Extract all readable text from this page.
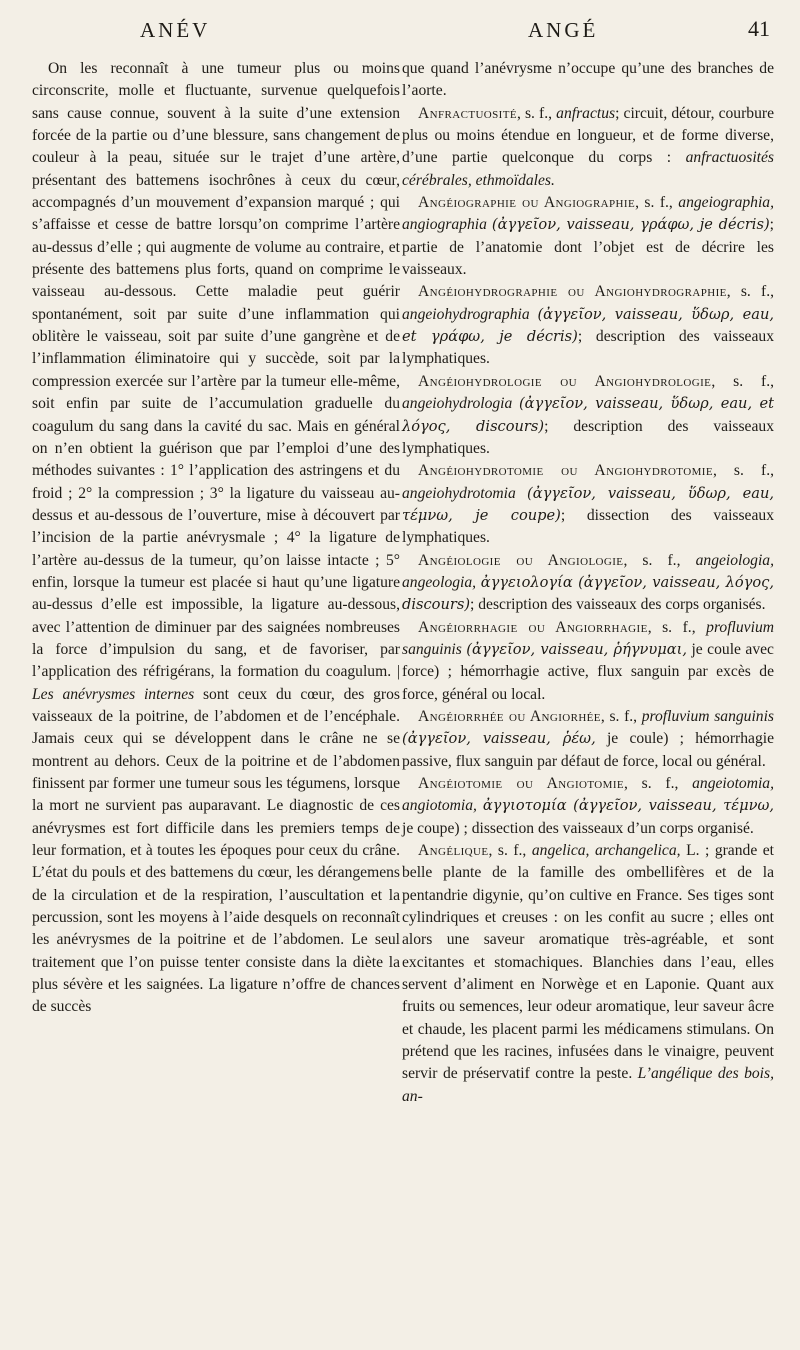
ANÉV	ANGÉ	41

On les reconnaît à une tumeur plus ou moins circonscrite, molle et fluctuante, survenue quelquefois sans cause connue, souvent à la suite d’une extension forcée de la partie ou d’une blessure, sans changement de couleur à la peau, située sur le trajet d’une artère, présentant des battemens isochrônes à ceux du cœur, accompagnés d’un mouvement d’expansion marqué ; qui s’affaisse et cesse de battre lorsqu’on comprime l’artère au-dessus d’elle ; qui augmente de volume au contraire, et présente des battemens plus forts, quand on comprime le vaisseau au-dessous. Cette maladie peut guérir spontanément, soit par suite d’une inflammation qui oblitère le vaisseau, soit par suite d’une gangrène et de l’inflammation éliminatoire qui y succède, soit par la compression exercée sur l’artère par la tumeur elle-même, soit enfin par suite de l’accumulation graduelle du coagulum du sang dans la cavité du sac. Mais en général on n’en obtient la guérison que par l’emploi d’une des méthodes suivantes : 1° l’application des astringens et du froid ; 2° la compression ; 3° la ligature du vaisseau au-dessus et au-dessous de l’ouverture, mise à découvert par l’incision de la partie anévrysmale ; 4° la ligature de l’artère au-dessus de la tumeur, qu’on laisse intacte ; 5° enfin, lorsque la tumeur est placée si haut qu’une ligature au-dessus d’elle est impossible, la ligature au-dessous, avec l’attention de diminuer par des saignées nombreuses la force d’impulsion du sang, et de favoriser, par l’application des réfrigérans, la formation du coagulum. | Les anévrysmes internes sont ceux du cœur, des gros vaisseaux de la poitrine, de l’abdomen et de l’encéphale. Jamais ceux qui se développent dans le crâne ne se montrent au dehors. Ceux de la poitrine et de l’abdomen finissent par former une tumeur sous les tégumens, lorsque la mort ne survient pas auparavant. Le diagnostic de ces anévrysmes est fort difficile dans les premiers temps de leur formation, et à toutes les époques pour ceux du crâne. L’état du pouls et des battemens du cœur, les dérangemens de la circulation et de la respiration, l’auscultation et la percussion, sont les moyens à l’aide desquels on reconnaît les anévrysmes de la poitrine et de l’abdomen. Le seul traitement que l’on puisse tenter consiste dans la diète la plus sévère et les saignées. La ligature n’offre de chances de succès

que quand l’anévrysme n’occupe qu’une des branches de l’aorte.

Anfractuosité, s. f., anfractus; circuit, détour, courbure plus ou moins étendue en longueur, et de forme diverse, d’une partie quelconque du corps : anfractuosités cérébrales, ethmoïdales.

Angéiographie ou Angiographie, s. f., angeiographia, angiographia (ἀγγεῖον, vaisseau, γράφω, je décris); partie de l’anatomie dont l’objet est de décrire les vaisseaux.

Angéiohydrographie ou Angiohydrographie, s. f., angeiohydrographia (ἀγγεῖον, vaisseau, ὕδωρ, eau, et γράφω, je décris); description des vaisseaux lymphatiques.

Angéiohydrologie ou Angiohydrologie, s. f., angeiohydrologia (ἀγγεῖον, vaisseau, ὕδωρ, eau, et λόγος, discours); description des vaisseaux lymphatiques.

Angéiohydrotomie ou Angiohydrotomie, s. f., angeiohydrotomia (ἀγγεῖον, vaisseau, ὕδωρ, eau, τέμνω, je coupe); dissection des vaisseaux lymphatiques.

Angéiologie ou Angiologie, s. f., angeiologia, angeologia, ἀγγειολογία (ἀγγεῖον, vaisseau, λόγος, discours); description des vaisseaux des corps organisés.

Angéiorrhagie ou Angiorrhagie, s. f., profluvium sanguinis (ἀγγεῖον, vaisseau, ῥήγνυμαι, je coule avec force) ; hémorrhagie active, flux sanguin par excès de force, général ou local.

Angéiorrhée ou Angiorhée, s. f., profluvium sanguinis (ἀγγεῖον, vaisseau, ῥέω, je coule) ; hémorrhagie passive, flux sanguin par défaut de force, local ou général.

Angéiotomie ou Angiotomie, s. f., angeiotomia, angiotomia, ἀγγιοτομία (ἀγγεῖον, vaisseau, τέμνω, je coupe) ; dissection des vaisseaux d’un corps organisé.

Angélique, s. f., angelica, archangelica, L. ; grande et belle plante de la famille des ombellifères et de la pentandrie digynie, qu’on cultive en France. Ses tiges sont cylindriques et creuses : on les confit au sucre ; elles ont alors une saveur aromatique très-agréable, et sont excitantes et stomachiques. Blanchies dans l’eau, elles servent d’aliment en Norwège et en Laponie. Quant aux fruits ou semences, leur odeur aromatique, leur saveur âcre et chaude, les placent parmi les médicamens stimulans. On prétend que les racines, infusées dans le vinaigre, peuvent servir de préservatif contre la peste. L’angélique des bois, an-
